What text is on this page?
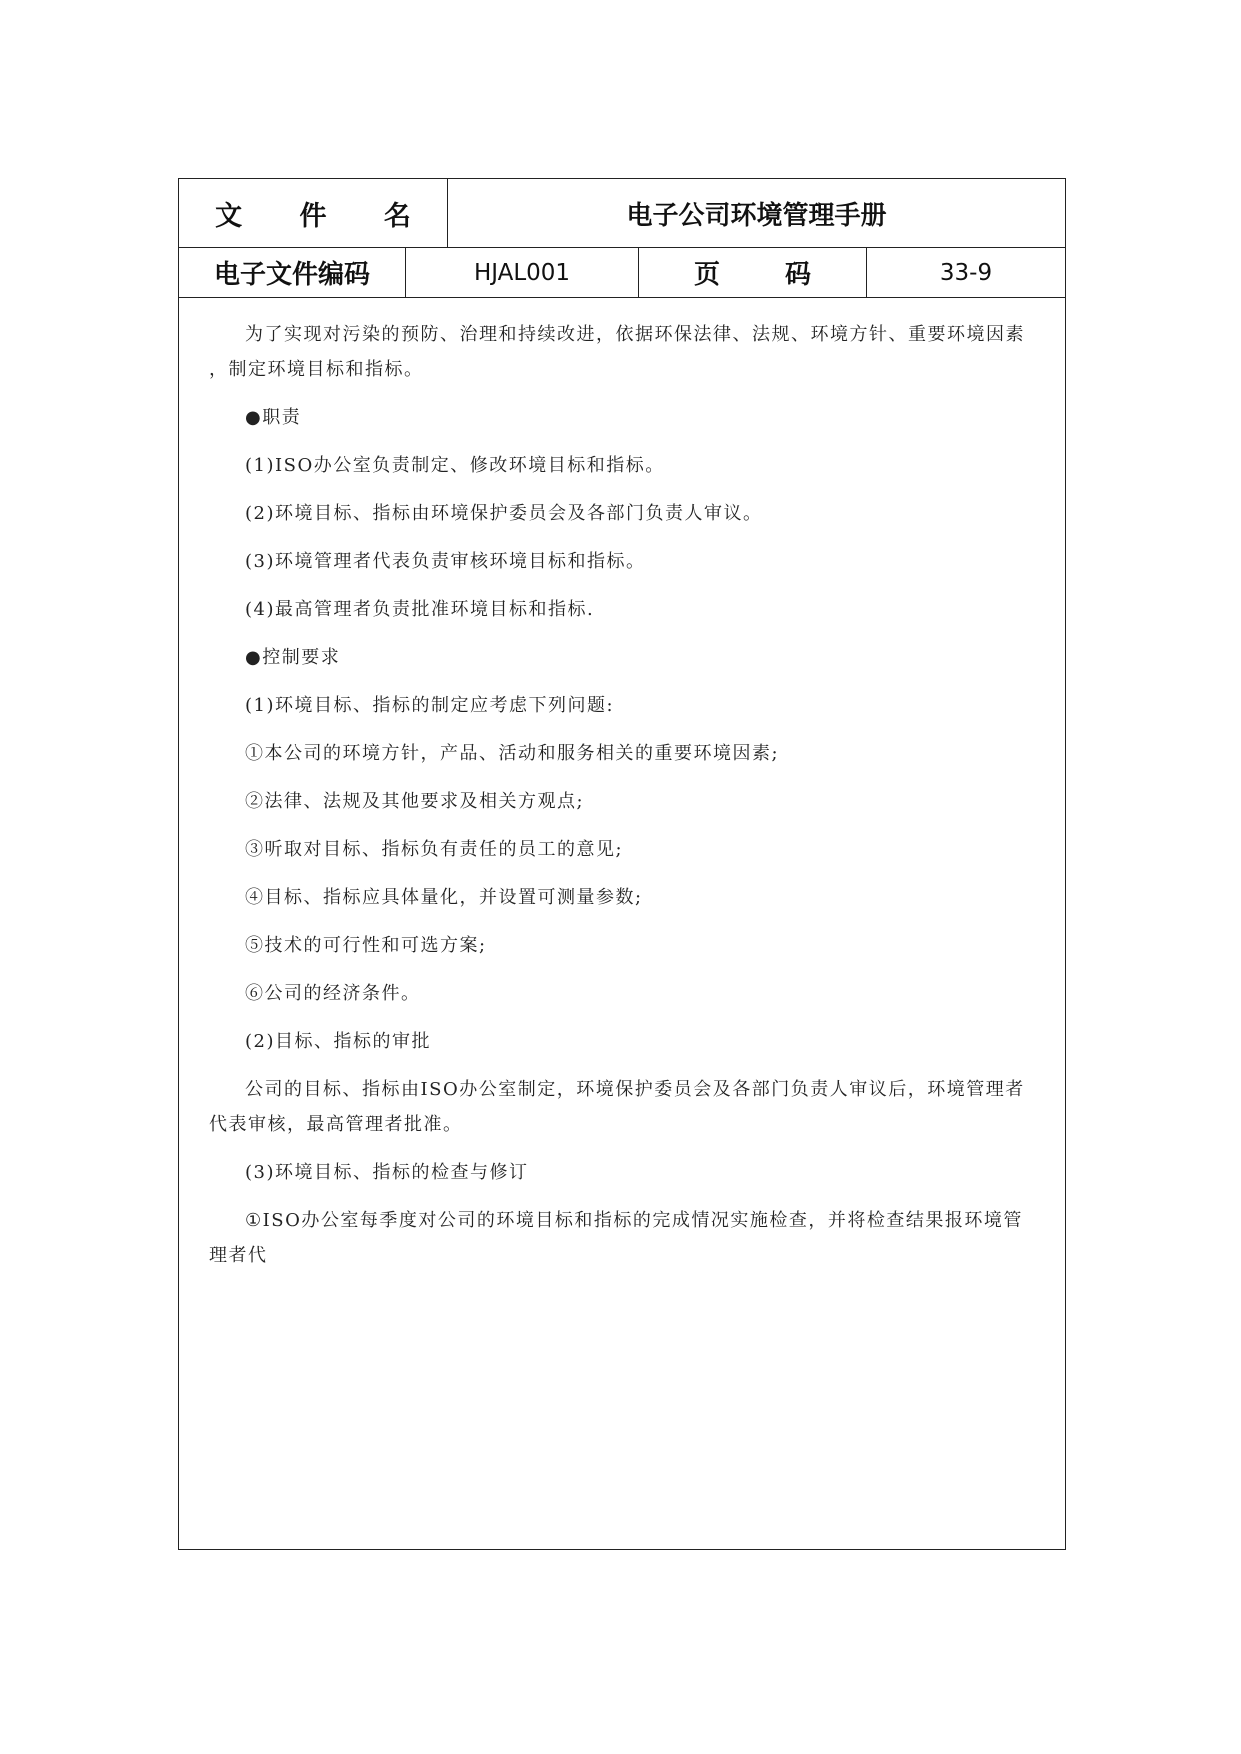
文 件 名	电子公司环境管理手册
电子文件编码	HJAL001	页 码	33-9

为了实现对污染的预防、治理和持续改进，依据环保法律、法规、环境方针、重要环境因素 ，制定环境目标和指标。

●职责

(1)ISO办公室负责制定、修改环境目标和指标。

(2)环境目标、指标由环境保护委员会及各部门负责人审议。

(3)环境管理者代表负责审核环境目标和指标。

(4)最高管理者负责批准环境目标和指标.

●控制要求

(1)环境目标、指标的制定应考虑下列问题:

①本公司的环境方针，产品、活动和服务相关的重要环境因素;

②法律、法规及其他要求及相关方观点;

③听取对目标、指标负有责任的员工的意见;

④目标、指标应具体量化，并设置可测量参数;

⑤技术的可行性和可选方案;

⑥公司的经济条件。

(2)目标、指标的审批

公司的目标、指标由ISO办公室制定，环境保护委员会及各部门负责人审议后，环境管理者 代表审核，最高管理者批准。

(3)环境目标、指标的检查与修订

①ISO办公室每季度对公司的环境目标和指标的完成情况实施检查，并将检查结果报环境管理者代
